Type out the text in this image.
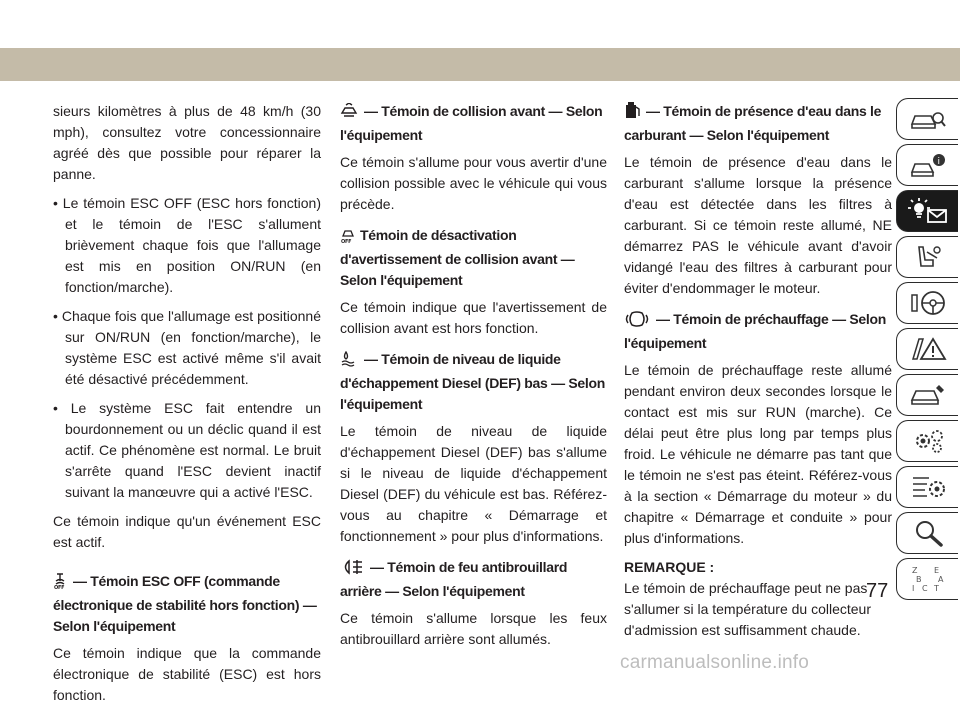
sieurs kilomètres à plus de 48 km/h (30 mph), consultez votre concessionnaire agréé dès que possible pour réparer la panne.

• Le témoin ESC OFF (ESC hors fonction) et le témoin de l'ESC s'allument brièvement chaque fois que l'allumage est mis en position ON/RUN (en fonction/marche).

• Chaque fois que l'allumage est positionné sur ON/RUN (en fonction/marche), le système ESC est activé même s'il avait été désactivé précédemment.

• Le système ESC fait entendre un bourdonnement ou un déclic quand il est actif. Ce phénomène est normal. Le bruit s'arrête quand l'ESC devient inactif suivant la manœuvre qui a activé l'ESC.

Ce témoin indique qu'un événement ESC est actif.

OFF — Témoin ESC OFF (commande électronique de stabilité hors fonction) — Selon l'équipement

Ce témoin indique que la commande électronique de stabilité (ESC) est hors fonction.

— Témoin de collision avant — Selon l'équipement

Ce témoin s'allume pour vous avertir d'une collision possible avec le véhicule qui vous précède.

OFF Témoin de désactivation d'avertissement de collision avant — Selon l'équipement

Ce témoin indique que l'avertissement de collision avant est hors fonction.

— Témoin de niveau de liquide d'échappement Diesel (DEF) bas — Selon l'équipement

Le témoin de niveau de liquide d'échappement Diesel (DEF) bas s'allume si le niveau de liquide d'échappement Diesel (DEF) du véhicule est bas. Référez-vous au chapitre « Démarrage et fonctionnement » pour plus d'informations.

— Témoin de feu antibrouillard arrière — Selon l'équipement

Ce témoin s'allume lorsque les feux antibrouillard arrière sont allumés.

— Témoin de présence d'eau dans le carburant — Selon l'équipement

Le témoin de présence d'eau dans le carburant s'allume lorsque la présence d'eau est détectée dans les filtres à carburant. Si ce témoin reste allumé, NE démarrez PAS le véhicule avant d'avoir vidangé l'eau des filtres à carburant pour éviter d'endommager le moteur.

— Témoin de préchauffage — Selon l'équipement

Le témoin de préchauffage reste allumé pendant environ deux secondes lorsque le contact est mis sur RUN (marche). Ce délai peut être plus long par temps plus froid. Le véhicule ne démarre pas tant que le témoin ne s'est pas éteint. Référez-vous à la section « Démarrage du moteur » du chapitre « Démarrage et conduite » pour plus d'informations.

REMARQUE :

Le témoin de préchauffage peut ne pas s'allumer si la température du collecteur d'admission est suffisamment chaude.

i
Z E
B A
I C T
77
carmanualsonline.info
